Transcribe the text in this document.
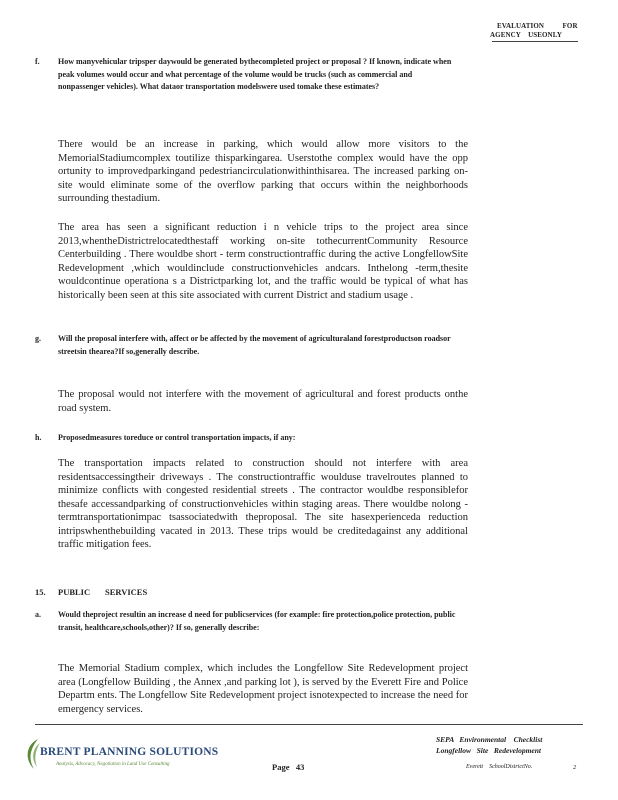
EVALUATION          FOR
AGENCY    USEONLY
f. How manyvehicular tripsper daywould be generated bythecompleted project or proposal ? If known, indicate when peak volumes would occur and what percentage of the volume would be trucks (such as commercial and nonpassenger vehicles). What dataor transportation modelswere used tomake these estimates?
There would be an increase in parking, which would allow more visitors to the MemorialStadiumcomplex toutilize thisparkingarea. Userstothe complex would have the opp ortunity to improvedparkingand pedestriancirculationwithinthisarea. The increased parking on-site would eliminate some of the overflow parking that occurs within the neighborhoods surrounding thestadium.
The area has seen a significant reduction i n vehicle trips to the project area since 2013,whentheDistrictrelocatedthestaff working on-site tothecurrentCommunity Resource Centerbuilding . There wouldbe short - term constructiontraffic during the active LongfellowSite Redevelopment ,which wouldinclude constructionvehicles andcars. Inthelong -term,thesite wouldcontinue operationa s a Districtparking lot, and the traffic would be typical of what has historically been seen at this site associated with current District and stadium usage .
g. Will the proposal interfere with, affect or be affected by the movement of agriculturaland forestproductson roadsor streetsin thearea?If so,generally describe.
The proposal would not interfere with the movement of agricultural and forest products onthe road system.
h. Proposedmeasures toreduce or control transportation impacts, if any:
The transportation impacts related to construction should not interfere with area residentsaccessingtheir driveways . The constructiontraffic woulduse travelroutes planned to minimize conflicts with congested residential streets . The contractor wouldbe responsiblefor thesafe accessandparking of constructionvehicles within staging areas. There wouldbe nolong -termtransportationimpac tsassociatedwith theproposal. The site hasexperienceda reduction intripswhenthebuilding vacated in 2013. These trips would be creditedagainst any additional traffic mitigation fees.
15. PUBLIC       SERVICES
a. Would theproject resultin an increase d need for publicservices (for example: fire protection,police protection, public transit, healthcare,schools,other)? If so, generally describe:
The Memorial Stadium complex, which includes the Longfellow Site Redevelopment project area (Longfellow Building , the Annex ,and parking lot ), is served by the Everett Fire and Police Departm ents. The Longfellow Site Redevelopment project isnotexpected to increase the need for emergency services.
BRENT PLANNING SOLUTIONS
Analysis, Advocacy, Negotiation in Land Use Consulting	Page   43
SEPA   Environmental    Checklist
Longfellow   Site   Redevelopment
Everett    SchoolDistrictNo.	2
